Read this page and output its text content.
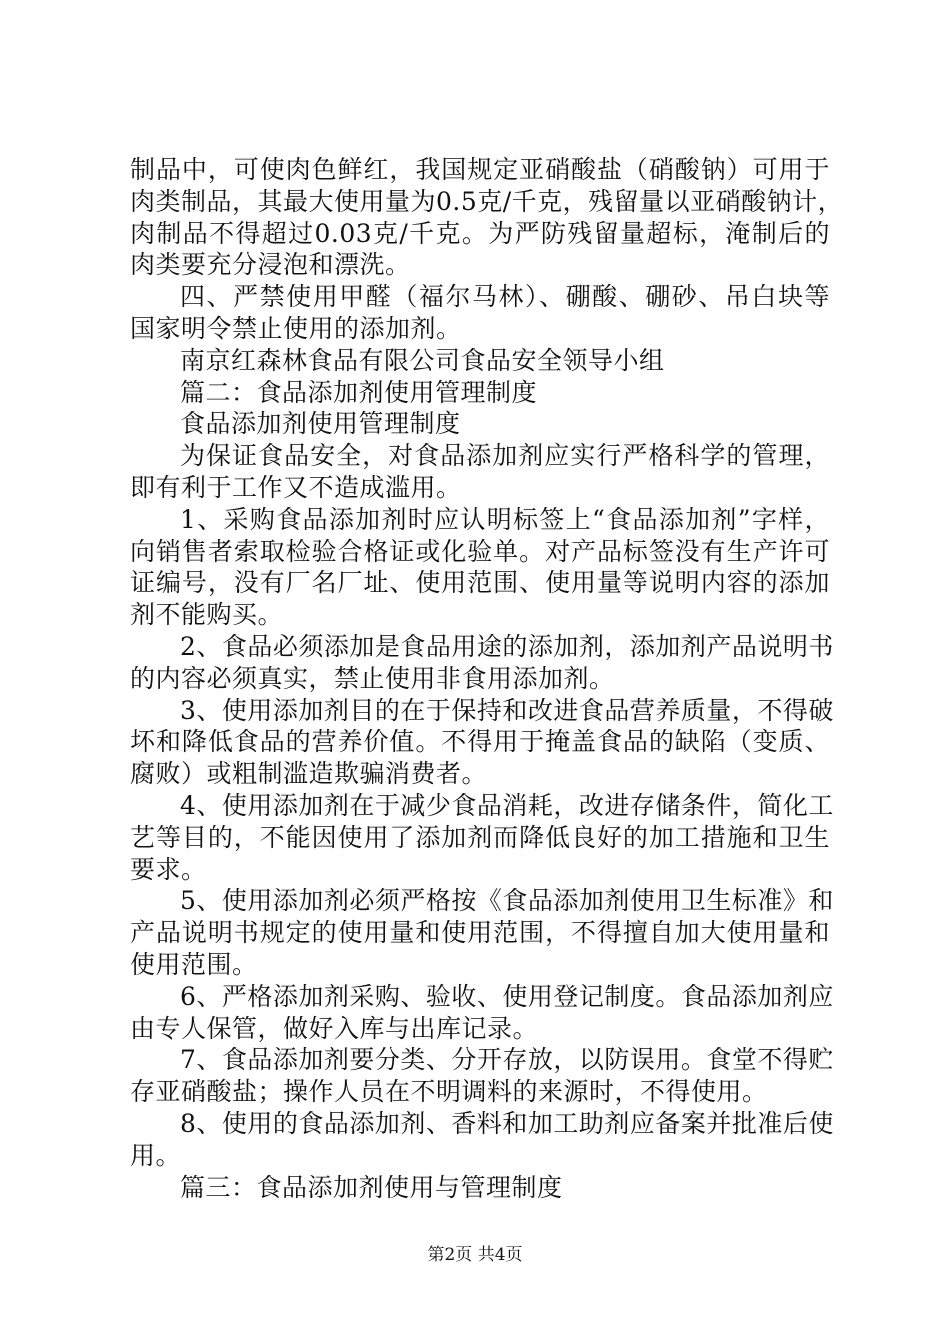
制品中，可使肉色鲜红，我国规定亚硝酸盐（硝酸钠）可用于
肉类制品，其最大使用量为0.5克/千克，残留量以亚硝酸钠计，
肉制品不得超过0.03克/千克。为严防残留量超标，淹制后的
肉类要充分浸泡和漂洗。
四、严禁使用甲醛（福尔马林）、硼酸、硼砂、吊白块等
国家明令禁止使用的添加剂。
南京红森林食品有限公司食品安全领导小组
篇二：食品添加剂使用管理制度
食品添加剂使用管理制度
为保证食品安全，对食品添加剂应实行严格科学的管理，
即有利于工作又不造成滥用。
1、采购食品添加剂时应认明标签上“食品添加剂”字样，
向销售者索取检验合格证或化验单。对产品标签没有生产许可
证编号，没有厂名厂址、使用范围、使用量等说明内容的添加
剂不能购买。
2、食品必须添加是食品用途的添加剂，添加剂产品说明书
的内容必须真实，禁止使用非食用添加剂。
3、使用添加剂目的在于保持和改进食品营养质量，不得破
坏和降低食品的营养价值。不得用于掩盖食品的缺陷（变质、
腐败）或粗制滥造欺骗消费者。
4、使用添加剂在于减少食品消耗，改进存储条件，简化工
艺等目的，不能因使用了添加剂而降低良好的加工措施和卫生
要求。
5、使用添加剂必须严格按《食品添加剂使用卫生标准》和
产品说明书规定的使用量和使用范围，不得擅自加大使用量和
使用范围。
6、严格添加剂采购、验收、使用登记制度。食品添加剂应
由专人保管，做好入库与出库记录。
7、食品添加剂要分类、分开存放，以防误用。食堂不得贮
存亚硝酸盐；操作人员在不明调料的来源时，不得使用。
8、使用的食品添加剂、香料和加工助剂应备案并批准后使
用。
篇三：食品添加剂使用与管理制度
第2页 共4页
